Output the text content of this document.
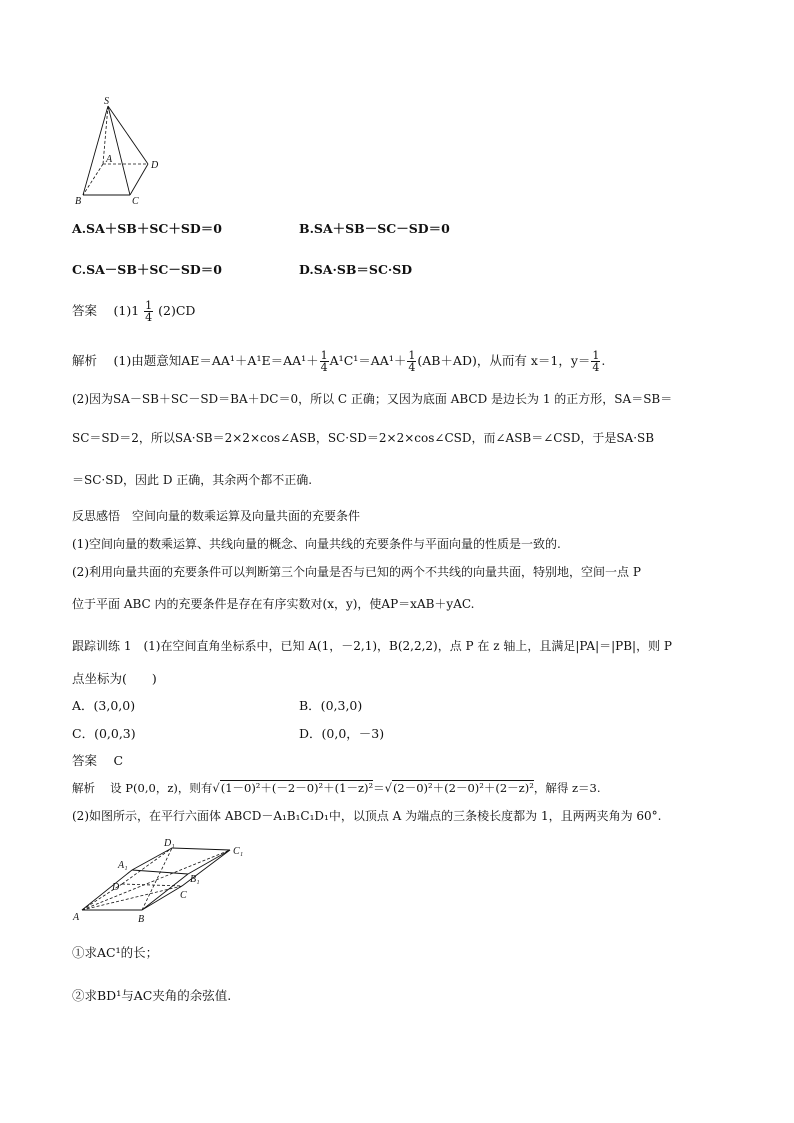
S
A
B	C
D
A.SA＋SB＋SC＋SD＝0	B.SA＋SB－SC－SD＝0
C.SA－SB＋SC－SD＝0	D.SA·SB＝SC·SD
答案　 $(1)1 \frac{1}{4} (2)CD$
解析　 (1)由题意知$AE=AA^1+A^1E=AA^1+ \frac{1}{4} A^1C^1=AA^1+ \frac{1}{4} (AB+AD)$，从而有 x＝1，$y= \frac{1}{4}$ .
(2)因为SA－SB＋SC－SD＝BA＋DC＝0，所以 C 正确；又因为底面 ABCD 是边长为 1 的正方形，SA＝SB＝
SC＝SD＝2，所以SA·SB＝2×2×cos∠ASB，SC·SD＝2×2×cos∠CSD，而∠ASB＝∠CSD，于是SA·SB
＝SC·SD，因此 D 正确，其余两个都不正确.
反思感悟　空间向量的数乘运算及向量共面的充要条件
(1)空间向量的数乘运算、共线向量的概念、向量共线的充要条件与平面向量的性质是一致的.
(2)利用向量共面的充要条件可以判断第三个向量是否与已知的两个不共线的向量共面，特别地，空间一点 P
位于平面 ABC 内的充要条件是存在有序实数对(x，y)，使AP＝xAB＋yAC.
跟踪训练 1　(1)在空间直角坐标系中，已知 A(1，－2,1)，B(2,2,2)，点 P 在 z 轴上，且满足|PA|＝|PB|，则 P
点坐标为(　　)
A．(3,0,0)	B．(0,3,0)
C．(0,0,3)	D．(0,0，－3)
答案　 C
解析　 设 P(0,0，z)，则有√(1－0)²＋(－2－0)²＋(1－z)²＝√(2－0)²＋(2－0)²＋(2－z)²，解得 z＝3.
(2)如图所示，在平行六面体 ABCD－A₁B₁C₁D₁中，以顶点 A 为端点的三条棱长度都为 1，且两两夹角为 60°.
A	B
C
D
A₁
B₁
C₁
D₁
①求AC¹的长；
②求BD¹与AC夹角的余弦值.
